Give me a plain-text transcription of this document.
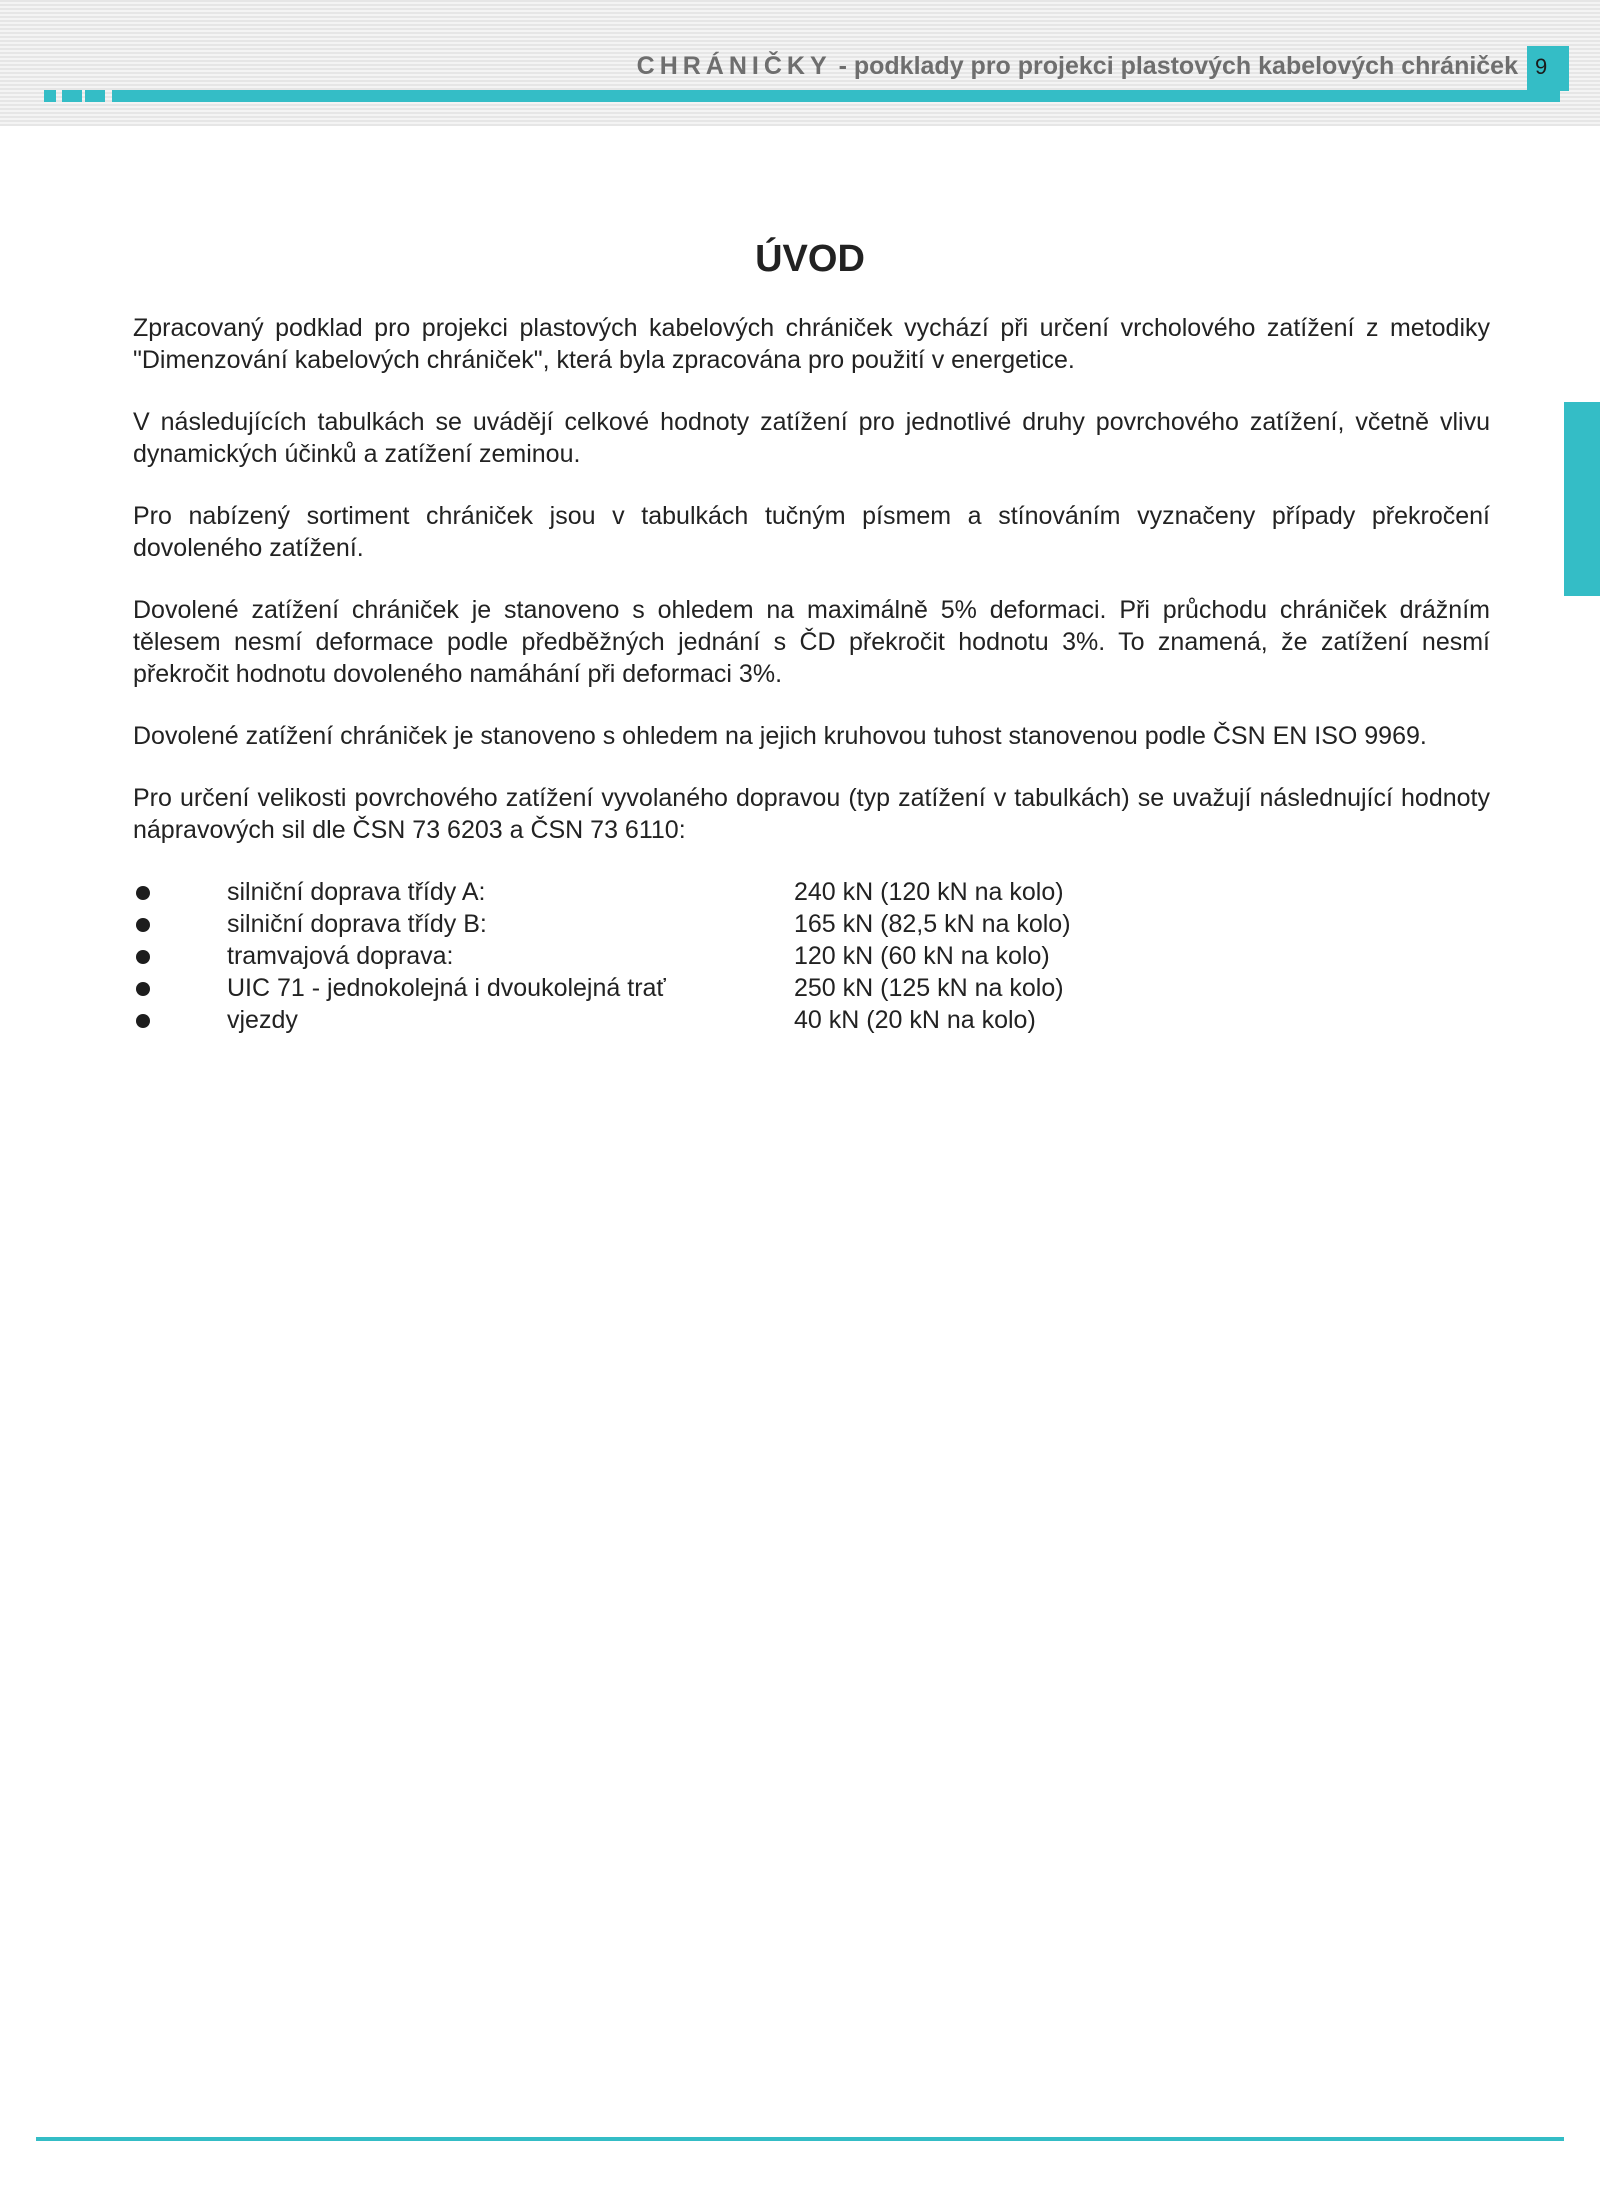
CHRÁNIČKY - podklady pro projekci plastových kabelových chrániček 9
ÚVOD

Zpracovaný podklad pro projekci plastových kabelových chrániček vychází při určení vrcholového zatížení z metodiky "Dimenzování kabelových chrániček", která byla zpracována pro použití v energetice.

V následujících tabulkách se uvádějí celkové hodnoty zatížení pro jednotlivé druhy povrchového zatížení, včetně vlivu dynamických účinků a zatížení zeminou.

Pro nabízený sortiment chrániček jsou v tabulkách tučným písmem a stínováním vyznačeny případy překročení dovoleného zatížení.

Dovolené zatížení chrániček je stanoveno s ohledem na maximálně 5% deformaci. Při průchodu chrániček drážním tělesem nesmí deformace podle předběžných jednání s ČD překročit hodnotu 3%. To znamená, že zatížení nesmí překročit hodnotu dovoleného namáhání při deformaci 3%.

Dovolené zatížení chrániček je stanoveno s ohledem na jejich kruhovou tuhost stanovenou podle ČSN EN ISO 9969.

Pro určení velikosti povrchového zatížení vyvolaného dopravou (typ zatížení v tabulkách) se uvažují následnující hodnoty nápravových sil dle ČSN 73 6203 a ČSN 73 6110:

silniční doprava třídy A:	240 kN (120 kN na kolo)
silniční doprava třídy B:	165 kN (82,5 kN na kolo)
tramvajová doprava:	120 kN (60 kN na kolo)
UIC 71 - jednokolejná i dvoukolejná trať	250 kN (125 kN na kolo)
vjezdy	40 kN (20 kN na kolo)
